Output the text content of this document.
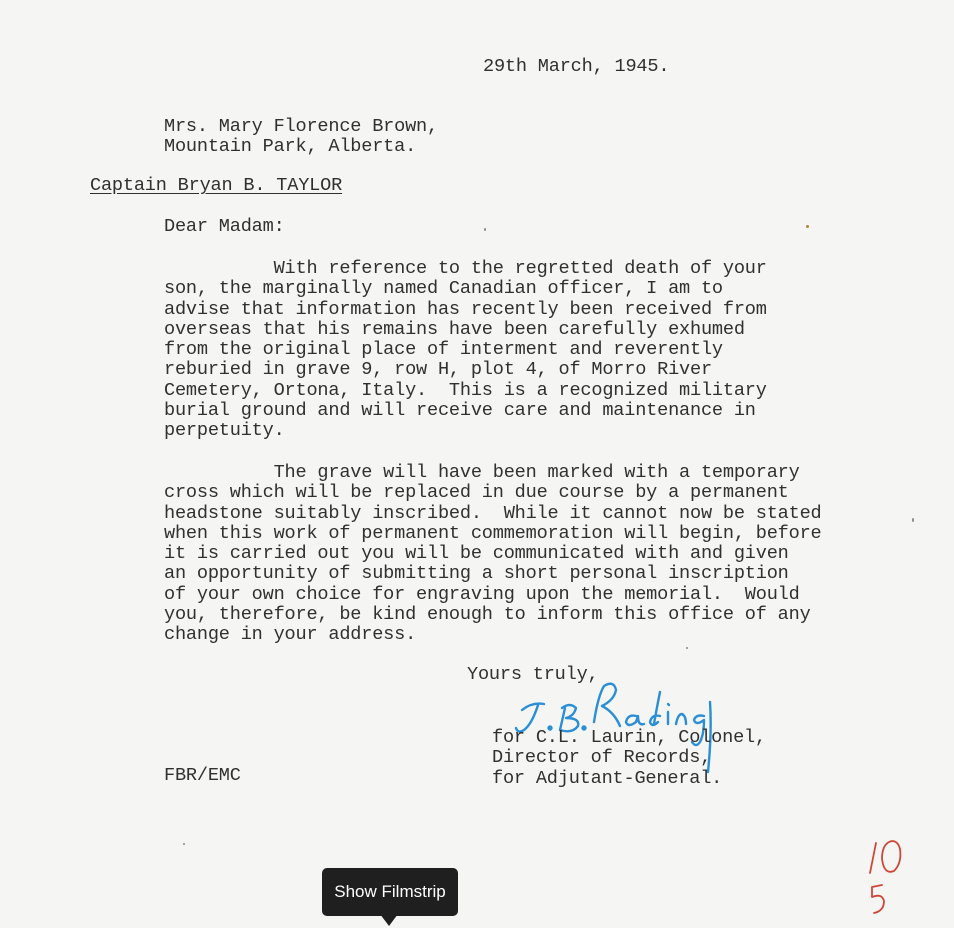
29th March, 1945.
Mrs. Mary Florence Brown,
Mountain Park, Alberta.
Captain Bryan B. TAYLOR
Dear Madam:
With reference to the regretted death of your
son, the marginally named Canadian officer, I am to
advise that information has recently been received from
overseas that his remains have been carefully exhumed
from the original place of interment and reverently
reburied in grave 9, row H, plot 4, of Morro River
Cemetery, Ortona, Italy.  This is a recognized military
burial ground and will receive care and maintenance in
perpetuity.
The grave will have been marked with a temporary
cross which will be replaced in due course by a permanent
headstone suitably inscribed.  While it cannot now be stated
when this work of permanent commemoration will begin, before
it is carried out you will be communicated with and given
an opportunity of submitting a short personal inscription
of your own choice for engraving upon the memorial.  Would
you, therefore, be kind enough to inform this office of any
change in your address.
Yours truly,
for C.L. Laurin, Colonel,
Director of Records,
for Adjutant-General.
FBR/EMC
Show Filmstrip
